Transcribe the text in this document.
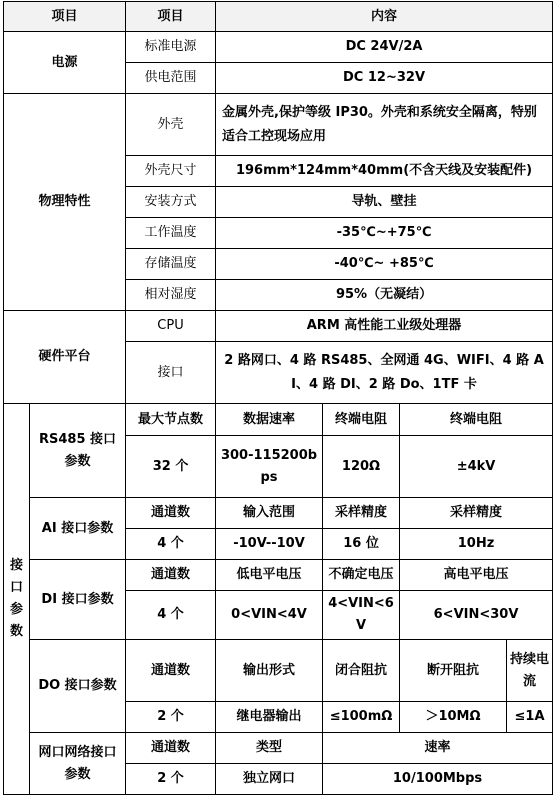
项目		项目	内容			
电源		标准电源	DC 24V/2A			
		供电范围	DC 12~32V			
物理特性		外壳	金属外壳,保护等级 IP30。外壳和系统安全隔离，特别适合工控现场应用			
		外壳尺寸	196mm*124mm*40mm(不含天线及安装配件)			
		安装方式	导轨、壁挂			
		工作温度	-35℃~+75℃			
		存储温度	-40℃~ +85℃			
		相对湿度	95%（无凝结）			
硬件平台		CPU	ARM 高性能工业级处理器			
		接口	2 路网口、4 路 RS485、全网通 4G、WIFI、4 路 AI、4 路 DI、2 路 Do、1TF 卡			

接
口
参
数	RS485 接口参数	最大节点数	数据速率	终端电阻	终端电阻	
		32 个	300-115200bps	120Ω	±4kV	
	AI 接口参数	通道数	输入范围	采样精度	采样精度	
		4 个	-10V--10V	16 位	10Hz	
	DI 接口参数	通道数	低电平电压	不确定电压	高电平电压	
		4 个	0<VIN<4V	4<VIN<6V	6<VIN<30V	
	DO 接口参数	通道数	输出形式	闭合阻抗	断开阻抗	持续电流
		2 个	继电器输出	≤100mΩ	＞10MΩ	≤1A
	网口网络接口参数	通道数	类型	速率		
		2 个	独立网口	10/100Mbps		
